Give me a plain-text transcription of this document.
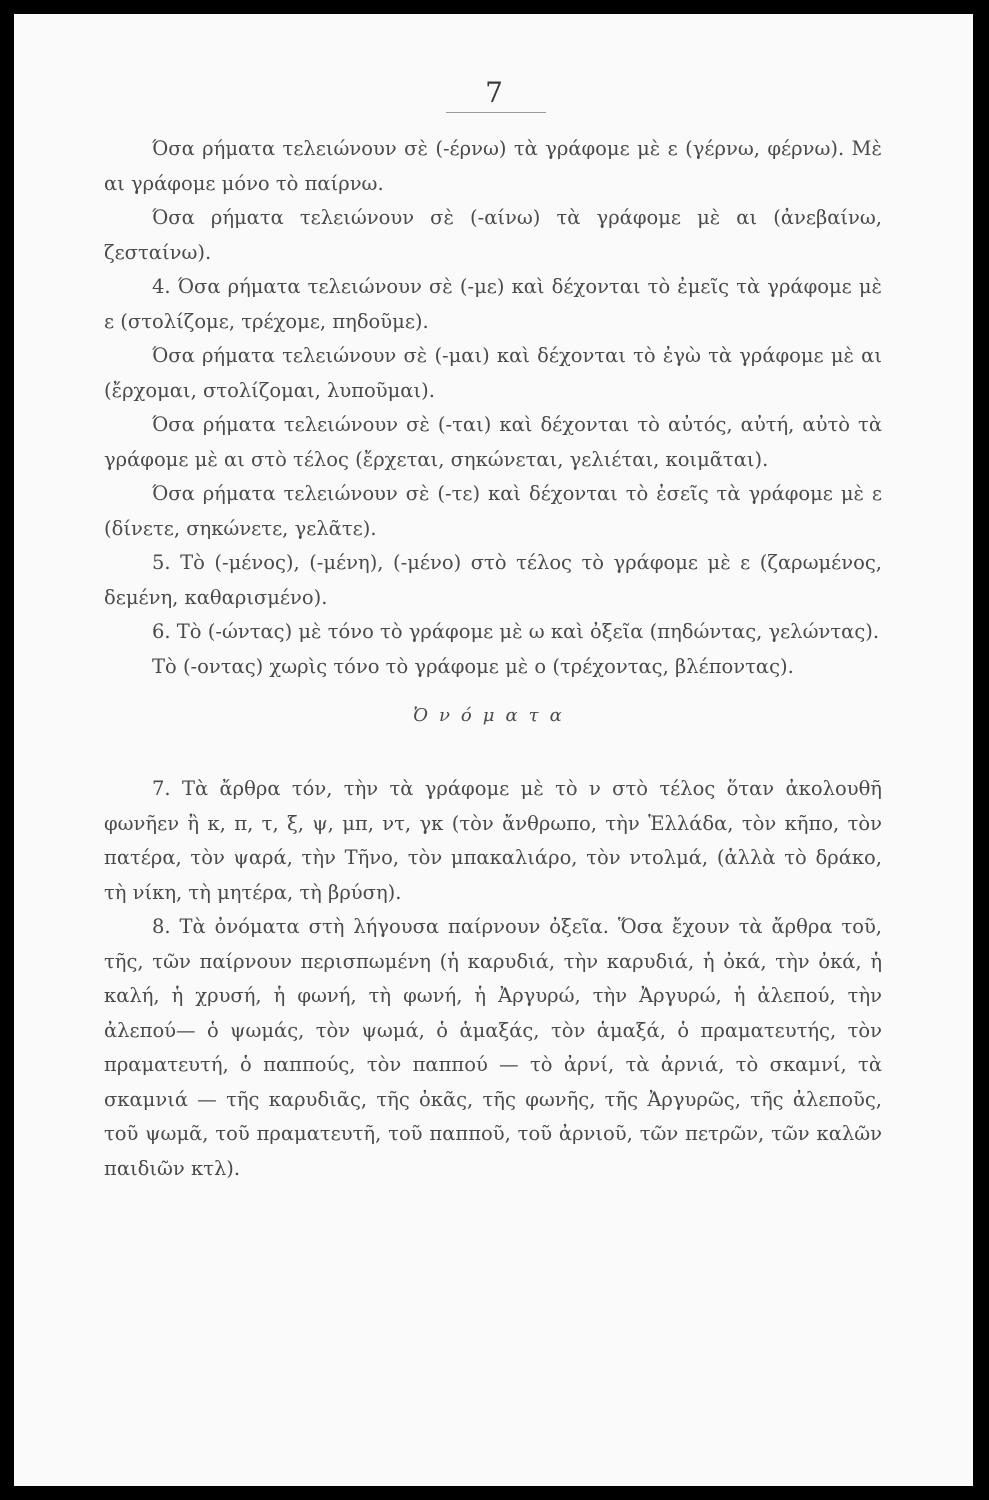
7

Όσα ρήματα τελειώνουν σὲ (-έρνω) τὰ γράφομε μὲ ε (γέρνω, φέρνω). Μὲ αι γράφομε μόνο τὸ παίρνω.

Όσα ρήματα τελειώνουν σὲ (-αίνω) τὰ γράφομε μὲ αι (ἀνεβαίνω, ζεσταίνω).

4. Όσα ρήματα τελειώνουν σὲ (-με) καὶ δέχονται τὸ ἐμεῖς τὰ γράφομε μὲ ε (στολίζομε, τρέχομε, πηδοῦμε).

Όσα ρήματα τελειώνουν σὲ (-μαι) καὶ δέχονται τὸ ἐγὼ τὰ γράφομε μὲ αι (ἔρχομαι, στολίζομαι, λυποῦμαι).

Όσα ρήματα τελειώνουν σὲ (-ται) καὶ δέχονται τὸ αὐτός, αὐτή, αὐτὸ τὰ γράφομε μὲ αι στὸ τέλος (ἔρχεται, σηκώνεται, γελιέται, κοιμᾶται).

Όσα ρήματα τελειώνουν σὲ (-τε) καὶ δέχονται τὸ ἐσεῖς τὰ γράφομε μὲ ε (δίνετε, σηκώνετε, γελᾶτε).

5. Τὸ (-μένος), (-μένη), (-μένο) στὸ τέλος τὸ γράφομε μὲ ε (ζαρωμένος, δεμένη, καθαρισμένο).

6. Τὸ (-ώντας) μὲ τόνο τὸ γράφομε μὲ ω καὶ ὀξεῖα (πηδώντας, γελώντας).

Τὸ (-οντας) χωρὶς τόνο τὸ γράφομε μὲ ο (τρέχοντας, βλέποντας).

Ὀνόματα

7. Τὰ ἄρθρα τόν, τὴν τὰ γράφομε μὲ τὸ ν στὸ τέλος ὅταν ἀκολουθῆ φωνῆεν ἢ κ, π, τ, ξ, ψ, μπ, ντ, γκ (τὸν ἄνθρωπο, τὴν Ἑλλάδα, τὸν κῆπο, τὸν πατέρα, τὸν ψαρά, τὴν Τῆνο, τὸν μπακαλιάρο, τὸν ντολμά, (ἀλλὰ τὸ δράκο, τὴ νίκη, τὴ μητέρα, τὴ βρύση).

8. Τὰ ὀνόματα στὴ λήγουσα παίρνουν ὀξεῖα. Ὅσα ἔχουν τὰ ἄρθρα τοῦ, τῆς, τῶν παίρνουν περισπωμένη (ἡ καρυδιά, τὴν καρυδιά, ἡ ὀκά, τὴν ὀκά, ἡ καλή, ἡ χρυσή, ἡ φωνή, τὴ φωνή, ἡ Ἀργυρώ, τὴν Ἀργυρώ, ἡ ἀλεπού, τὴν ἀλεπού— ὁ ψωμάς, τὸν ψωμά, ὁ ἁμαξάς, τὸν ἁμαξά, ὁ πραματευτής, τὸν πραματευτή, ὁ παππούς, τὸν παππού — τὸ ἀρνί, τὰ ἀρνιά, τὸ σκαμνί, τὰ σκαμνιά — τῆς καρυδιᾶς, τῆς ὀκᾶς, τῆς φωνῆς, τῆς Ἀργυρῶς, τῆς ἀλεποῦς, τοῦ ψωμᾶ, τοῦ πραματευτῆ, τοῦ παπποῦ, τοῦ ἀρνιοῦ, τῶν πετρῶν, τῶν καλῶν παιδιῶν κτλ).
